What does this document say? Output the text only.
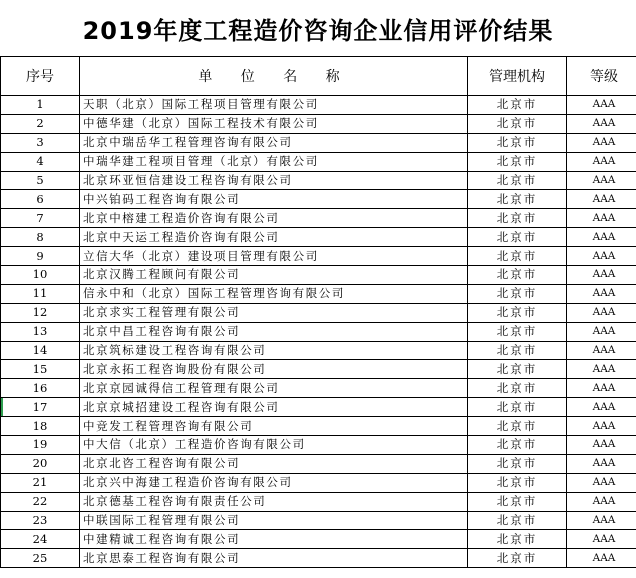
2019年度工程造价咨询企业信用评价结果
序号	单 位 名 称	管理机构	等级
1	天职（北京）国际工程项目管理有限公司	北京市	AAA
2	中德华建（北京）国际工程技术有限公司	北京市	AAA
3	北京中瑞岳华工程管理咨询有限公司	北京市	AAA
4	中瑞华建工程项目管理（北京）有限公司	北京市	AAA
5	北京环亚恒信建设工程咨询有限公司	北京市	AAA
6	中兴铂码工程咨询有限公司	北京市	AAA
7	北京中榕建工程造价咨询有限公司	北京市	AAA
8	北京中天运工程造价咨询有限公司	北京市	AAA
9	立信大华（北京）建设项目管理有限公司	北京市	AAA
10	北京汉腾工程顾问有限公司	北京市	AAA
11	信永中和（北京）国际工程管理咨询有限公司	北京市	AAA
12	北京求实工程管理有限公司	北京市	AAA
13	北京中昌工程咨询有限公司	北京市	AAA
14	北京筑标建设工程咨询有限公司	北京市	AAA
15	北京永拓工程咨询股份有限公司	北京市	AAA
16	北京京园诚得信工程管理有限公司	北京市	AAA
17	北京京城招建设工程咨询有限公司	北京市	AAA
18	中竞发工程管理咨询有限公司	北京市	AAA
19	中大信（北京）工程造价咨询有限公司	北京市	AAA
20	北京北咨工程咨询有限公司	北京市	AAA
21	北京兴中海建工程造价咨询有限公司	北京市	AAA
22	北京德基工程咨询有限责任公司	北京市	AAA
23	中联国际工程管理有限公司	北京市	AAA
24	中建精诚工程咨询有限公司	北京市	AAA
25	北京思泰工程咨询有限公司	北京市	AAA
